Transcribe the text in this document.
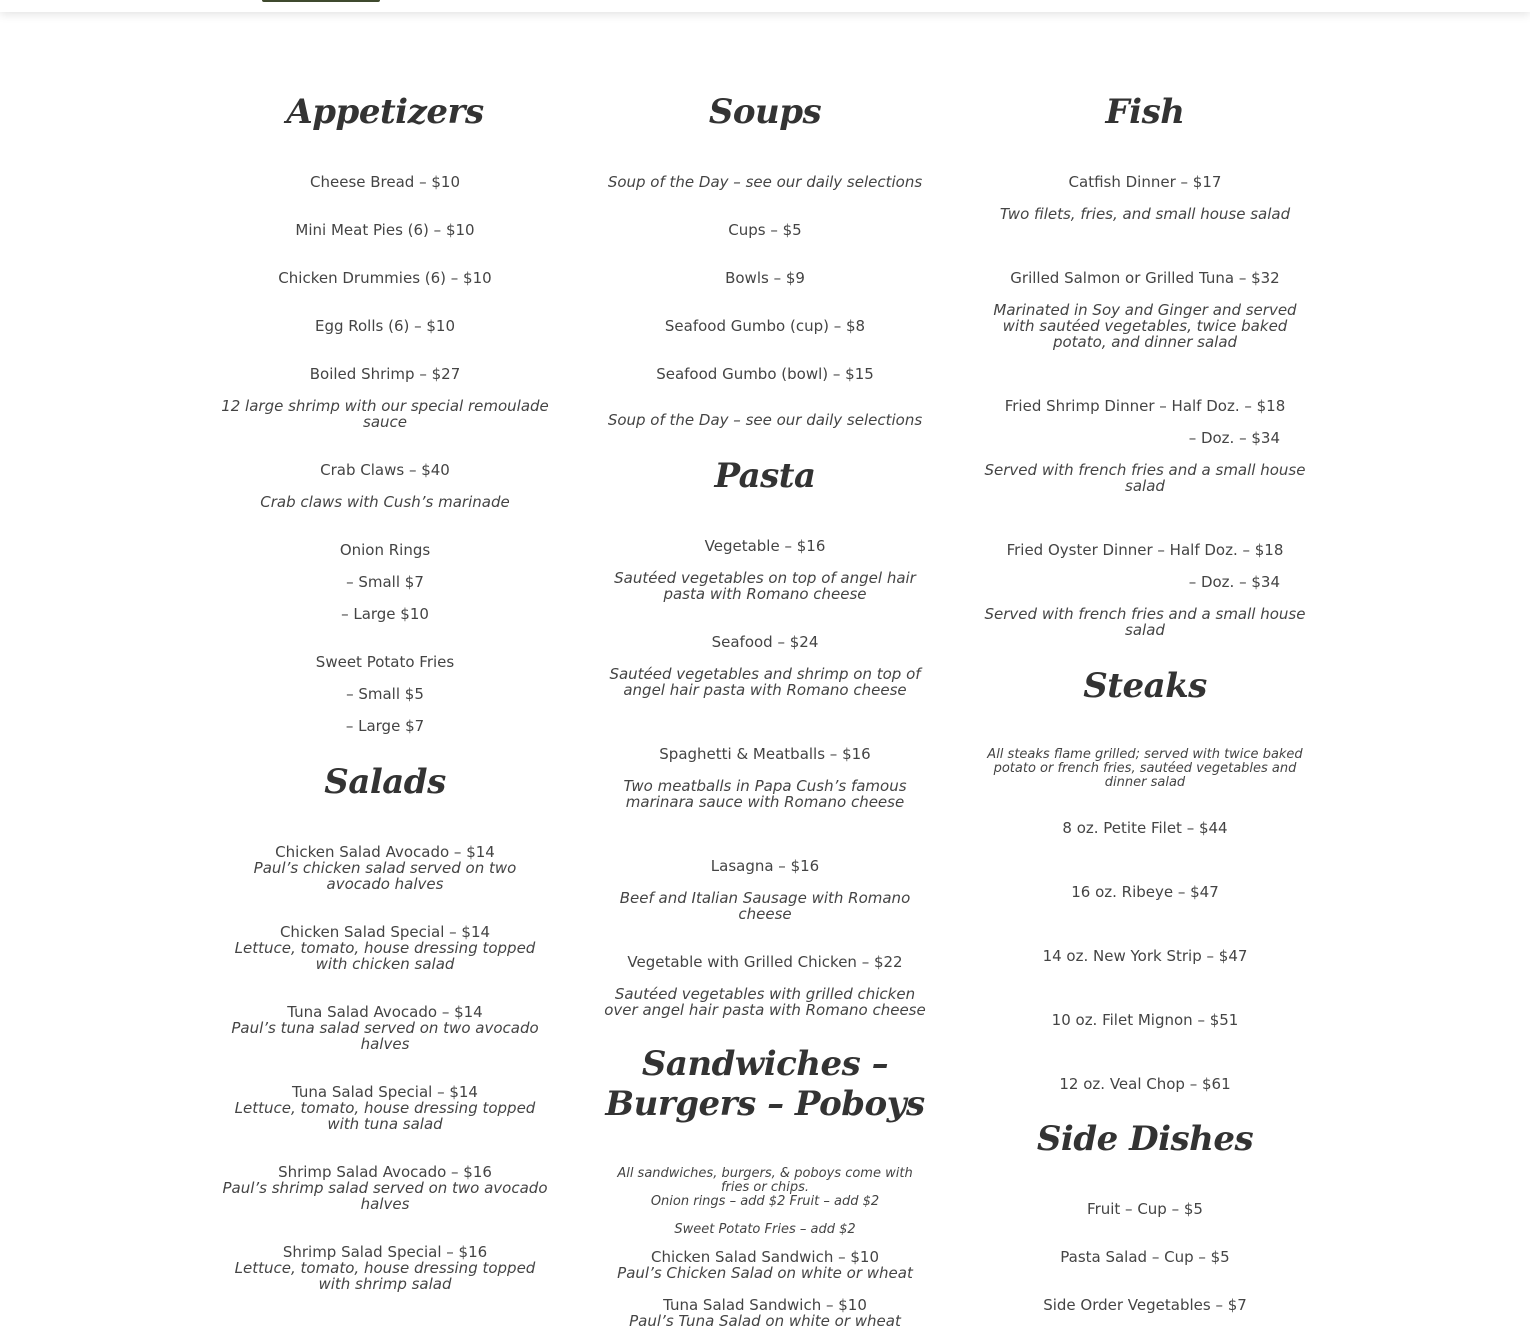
Appetizers
Cheese Bread – $10
Mini Meat Pies (6) – $10
Chicken Drummies (6) – $10
Egg Rolls (6) – $10
Boiled Shrimp – $27
12 large shrimp with our special remoulade sauce
Crab Claws – $40
Crab claws with Cush’s marinade
Onion Rings
– Small $7
– Large $10
Sweet Potato Fries
– Small $5
– Large $7
Salads
Chicken Salad Avocado – $14
Paul’s chicken salad served on two avocado halves
Chicken Salad Special – $14
Lettuce, tomato, house dressing topped with chicken salad
Tuna Salad Avocado – $14
Paul’s tuna salad served on two avocado halves
Tuna Salad Special – $14
Lettuce, tomato, house dressing topped with tuna salad
Shrimp Salad Avocado – $16
Paul’s shrimp salad served on two avocado halves
Shrimp Salad Special – $16
Lettuce, tomato, house dressing topped with shrimp salad
Soups
Soup of the Day – see our daily selections
Cups – $5
Bowls – $9
Seafood Gumbo (cup) – $8
Seafood Gumbo (bowl) – $15
Soup of the Day – see our daily selections
Pasta
Vegetable – $16
Sautéed vegetables on top of angel hair pasta with Romano cheese
Seafood – $24
Sautéed vegetables and shrimp on top of angel hair pasta with Romano cheese
Spaghetti & Meatballs – $16
Two meatballs in Papa Cush’s famous marinara sauce with Romano cheese
Lasagna – $16
Beef and Italian Sausage with Romano cheese
Vegetable with Grilled Chicken – $22
Sautéed vegetables with grilled chicken over angel hair pasta with Romano cheese
Sandwiches – Burgers – Poboys
All sandwiches, burgers, & poboys come with fries or chips.
Onion rings – add $2 Fruit – add $2
Sweet Potato Fries – add $2
Chicken Salad Sandwich – $10
Paul’s Chicken Salad on white or wheat
Tuna Salad Sandwich – $10
Paul’s Tuna Salad on white or wheat
Fish
Catfish Dinner – $17
Two filets, fries, and small house salad
Grilled Salmon or Grilled Tuna – $32
Marinated in Soy and Ginger and served with sautéed vegetables, twice baked potato, and dinner salad
Fried Shrimp Dinner – Half Doz. – $18
– Doz. – $34
Served with french fries and a small house salad
Fried Oyster Dinner – Half Doz. – $18
– Doz. – $34
Served with french fries and a small house salad
Steaks
All steaks flame grilled; served with twice baked potato or french fries, sautéed vegetables and dinner salad
8 oz. Petite Filet – $44
16 oz. Ribeye – $47
14 oz. New York Strip – $47
10 oz. Filet Mignon – $51
12 oz. Veal Chop – $61
Side Dishes
Fruit – Cup – $5
Pasta Salad – Cup – $5
Side Order Vegetables – $7
